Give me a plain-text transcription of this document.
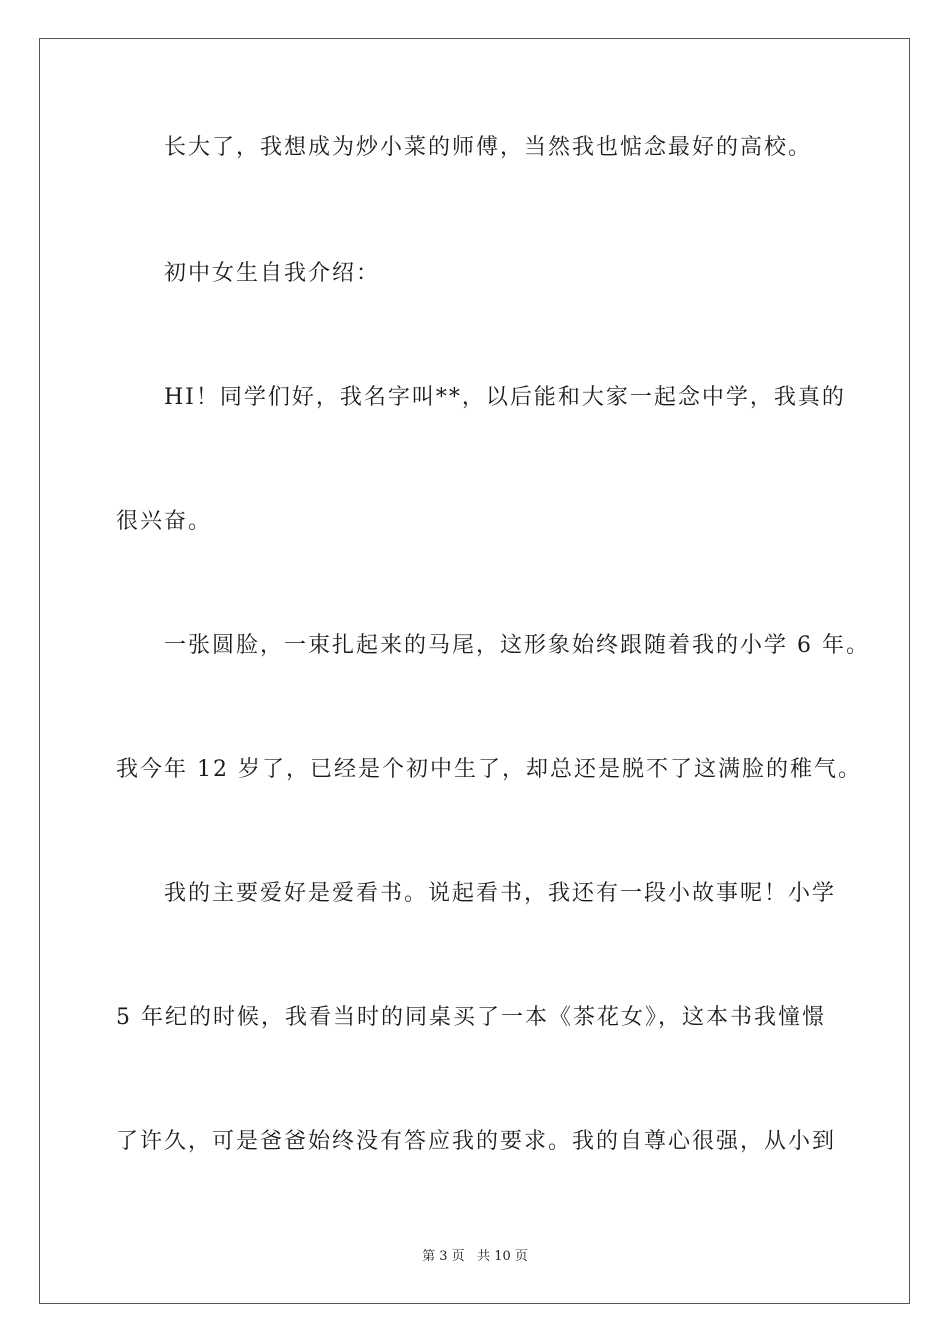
长大了，我想成为炒小菜的师傅，当然我也惦念最好的高校。
初中女生自我介绍：
HI！同学们好，我名字叫**，以后能和大家一起念中学，我真的
很兴奋。
一张圆脸，一束扎起来的马尾，这形象始终跟随着我的小学 6 年。
我今年 12 岁了，已经是个初中生了，却总还是脱不了这满脸的稚气。
我的主要爱好是爱看书。说起看书，我还有一段小故事呢！小学
5 年纪的时候，我看当时的同桌买了一本《茶花女》，这本书我憧憬
了许久，可是爸爸始终没有答应我的要求。我的自尊心很强，从小到
第 3 页 共 10 页
